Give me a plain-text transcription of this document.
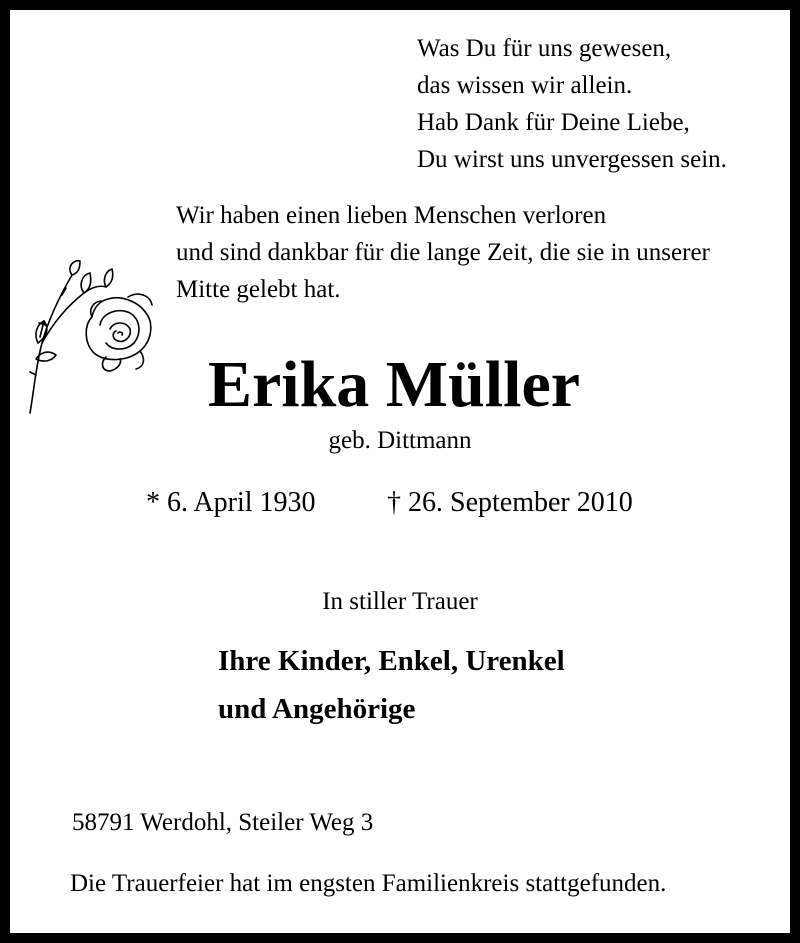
Was Du für uns gewesen,
das wissen wir allein.
Hab Dank für Deine Liebe,
Du wirst uns unvergessen sein.
Wir haben einen lieben Menschen verloren
und sind dankbar für die lange Zeit, die sie in unserer
Mitte gelebt hat.
Erika Müller
geb. Dittmann
* 6. April 1930	† 26. September 2010
In stiller Trauer
Ihre Kinder, Enkel, Urenkel
und Angehörige
58791 Werdohl, Steiler Weg 3
Die Trauerfeier hat im engsten Familienkreis stattgefunden.
